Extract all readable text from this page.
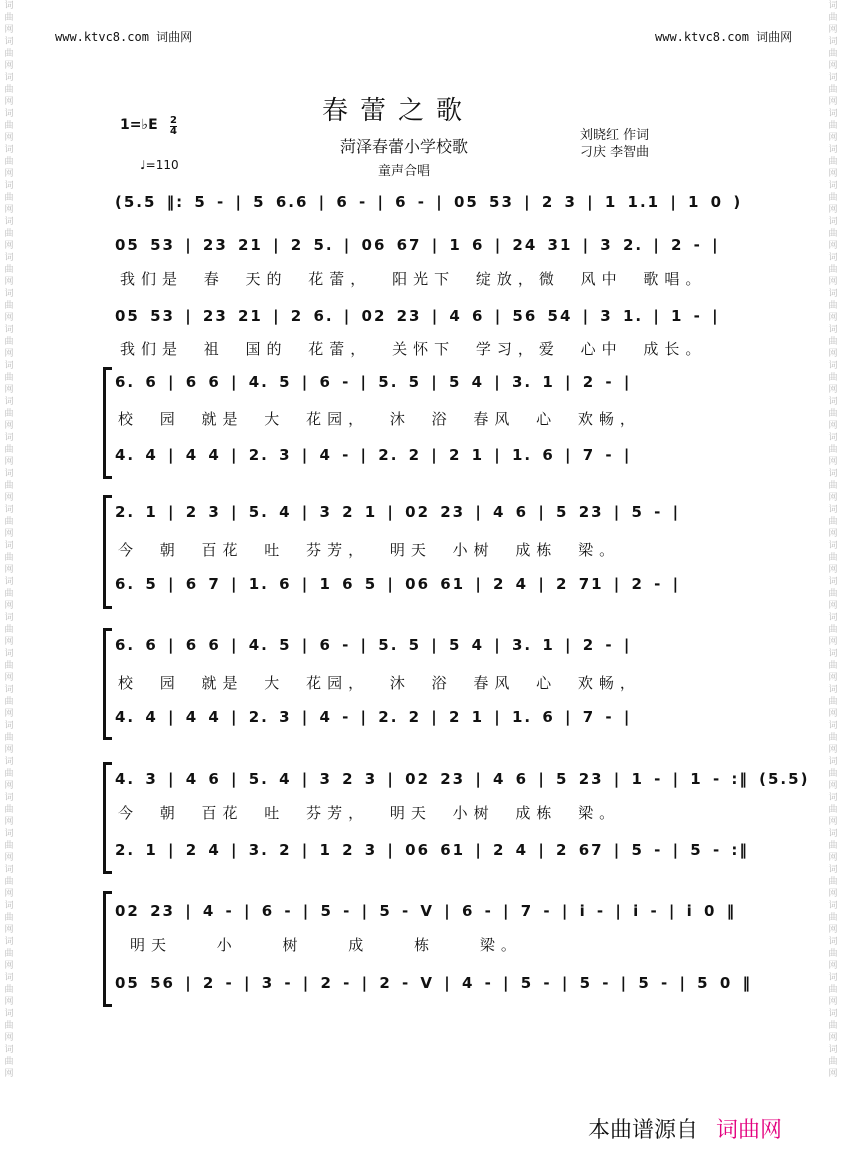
词
曲
网
词
曲
网
词
曲
网
词
曲
网
词
曲
网
词
曲
网
词
曲
网
词
曲
网
词
曲
网
词
曲
网
词
曲
网
词
曲
网
词
曲
网
词
曲
网
词
曲
网
词
曲
网
词
曲
网
词
曲
网
词
曲
网
词
曲
网
词
曲
网
词
曲
网
词
曲
网
词
曲
网
词
曲
网
词
曲
网
词
曲
网
词
曲
网
词
曲
网
词
曲
网
词
曲
网
词
曲
网
词
曲
网
词
曲
网
词
曲
网
词
曲
网
词
曲
网
词
曲
网
词
曲
网
词
曲
网
词
曲
网
词
曲
网
词
曲
网
词
曲
网
词
曲
网
词
曲
网
词
曲
网
词
曲
网
词
曲
网
词
曲
网
词
曲
网
词
曲
网
词
曲
网
词
曲
网
词
曲
网
词
曲
网
词
曲
网
词
曲
网
词
曲
网
词
曲
网
www.ktvc8.com 词曲网	www.ktvc8.com 词曲网
1=♭E 2
4
♩=110
春蕾之歌
菏泽春蕾小学校歌
童声合唱
刘晓红 作词
刁庆 李智曲
(5.5 ‖: 5 - | 5 6.6 | 6 - | 6 - | 05 53 | 2 3 | 1 1.1 | 1 0 )
05 53 | 23 21 | 2 5. | 06 67 | 1 6 | 24 31 | 3 2. | 2 - |
我们是 春 天的 花蕾， 阳光下 绽放，微 风中 歌唱。
05 53 | 23 21 | 2 6. | 02 23 | 4 6 | 56 54 | 3 1. | 1 - |
我们是 祖 国的 花蕾， 关怀下 学习，爱 心中 成长。
6. 6 | 6 6 | 4. 5 | 6 - | 5. 5 | 5 4 | 3. 1 | 2 - |
校 园 就是 大 花园， 沐 浴 春风 心 欢畅，
4. 4 | 4 4 | 2. 3 | 4 - | 2. 2 | 2 1 | 1. 6 | 7 - |
2. 1 | 2 3 | 5. 4 | 3 2 1 | 02 23 | 4 6 | 5 23 | 5 - |
今 朝 百花 吐 芬芳， 明天 小树 成栋 梁。
6. 5 | 6 7 | 1. 6 | 1 6 5 | 06 61 | 2 4 | 2 71 | 2 - |
6. 6 | 6 6 | 4. 5 | 6 - | 5. 5 | 5 4 | 3. 1 | 2 - |
校 园 就是 大 花园， 沐 浴 春风 心 欢畅，
4. 4 | 4 4 | 2. 3 | 4 - | 2. 2 | 2 1 | 1. 6 | 7 - |
4. 3 | 4 6 | 5. 4 | 3 2 3 | 02 23 | 4 6 | 5 23 | 1 - | 1 - :‖ (5.5)
今 朝 百花 吐 芬芳， 明天 小树 成栋 梁。
2. 1 | 2 4 | 3. 2 | 1 2 3 | 06 61 | 2 4 | 2 67 | 5 - | 5 - :‖
02 23 | 4 - | 6 - | 5 - | 5 - V | 6 - | 7 - | i - | i - | i 0 ‖
明天 小 树 成 栋 梁。
05 56 | 2 - | 3 - | 2 - | 2 - V | 4 - | 5 - | 5 - | 5 - | 5 0 ‖
本曲谱源自 词曲网
